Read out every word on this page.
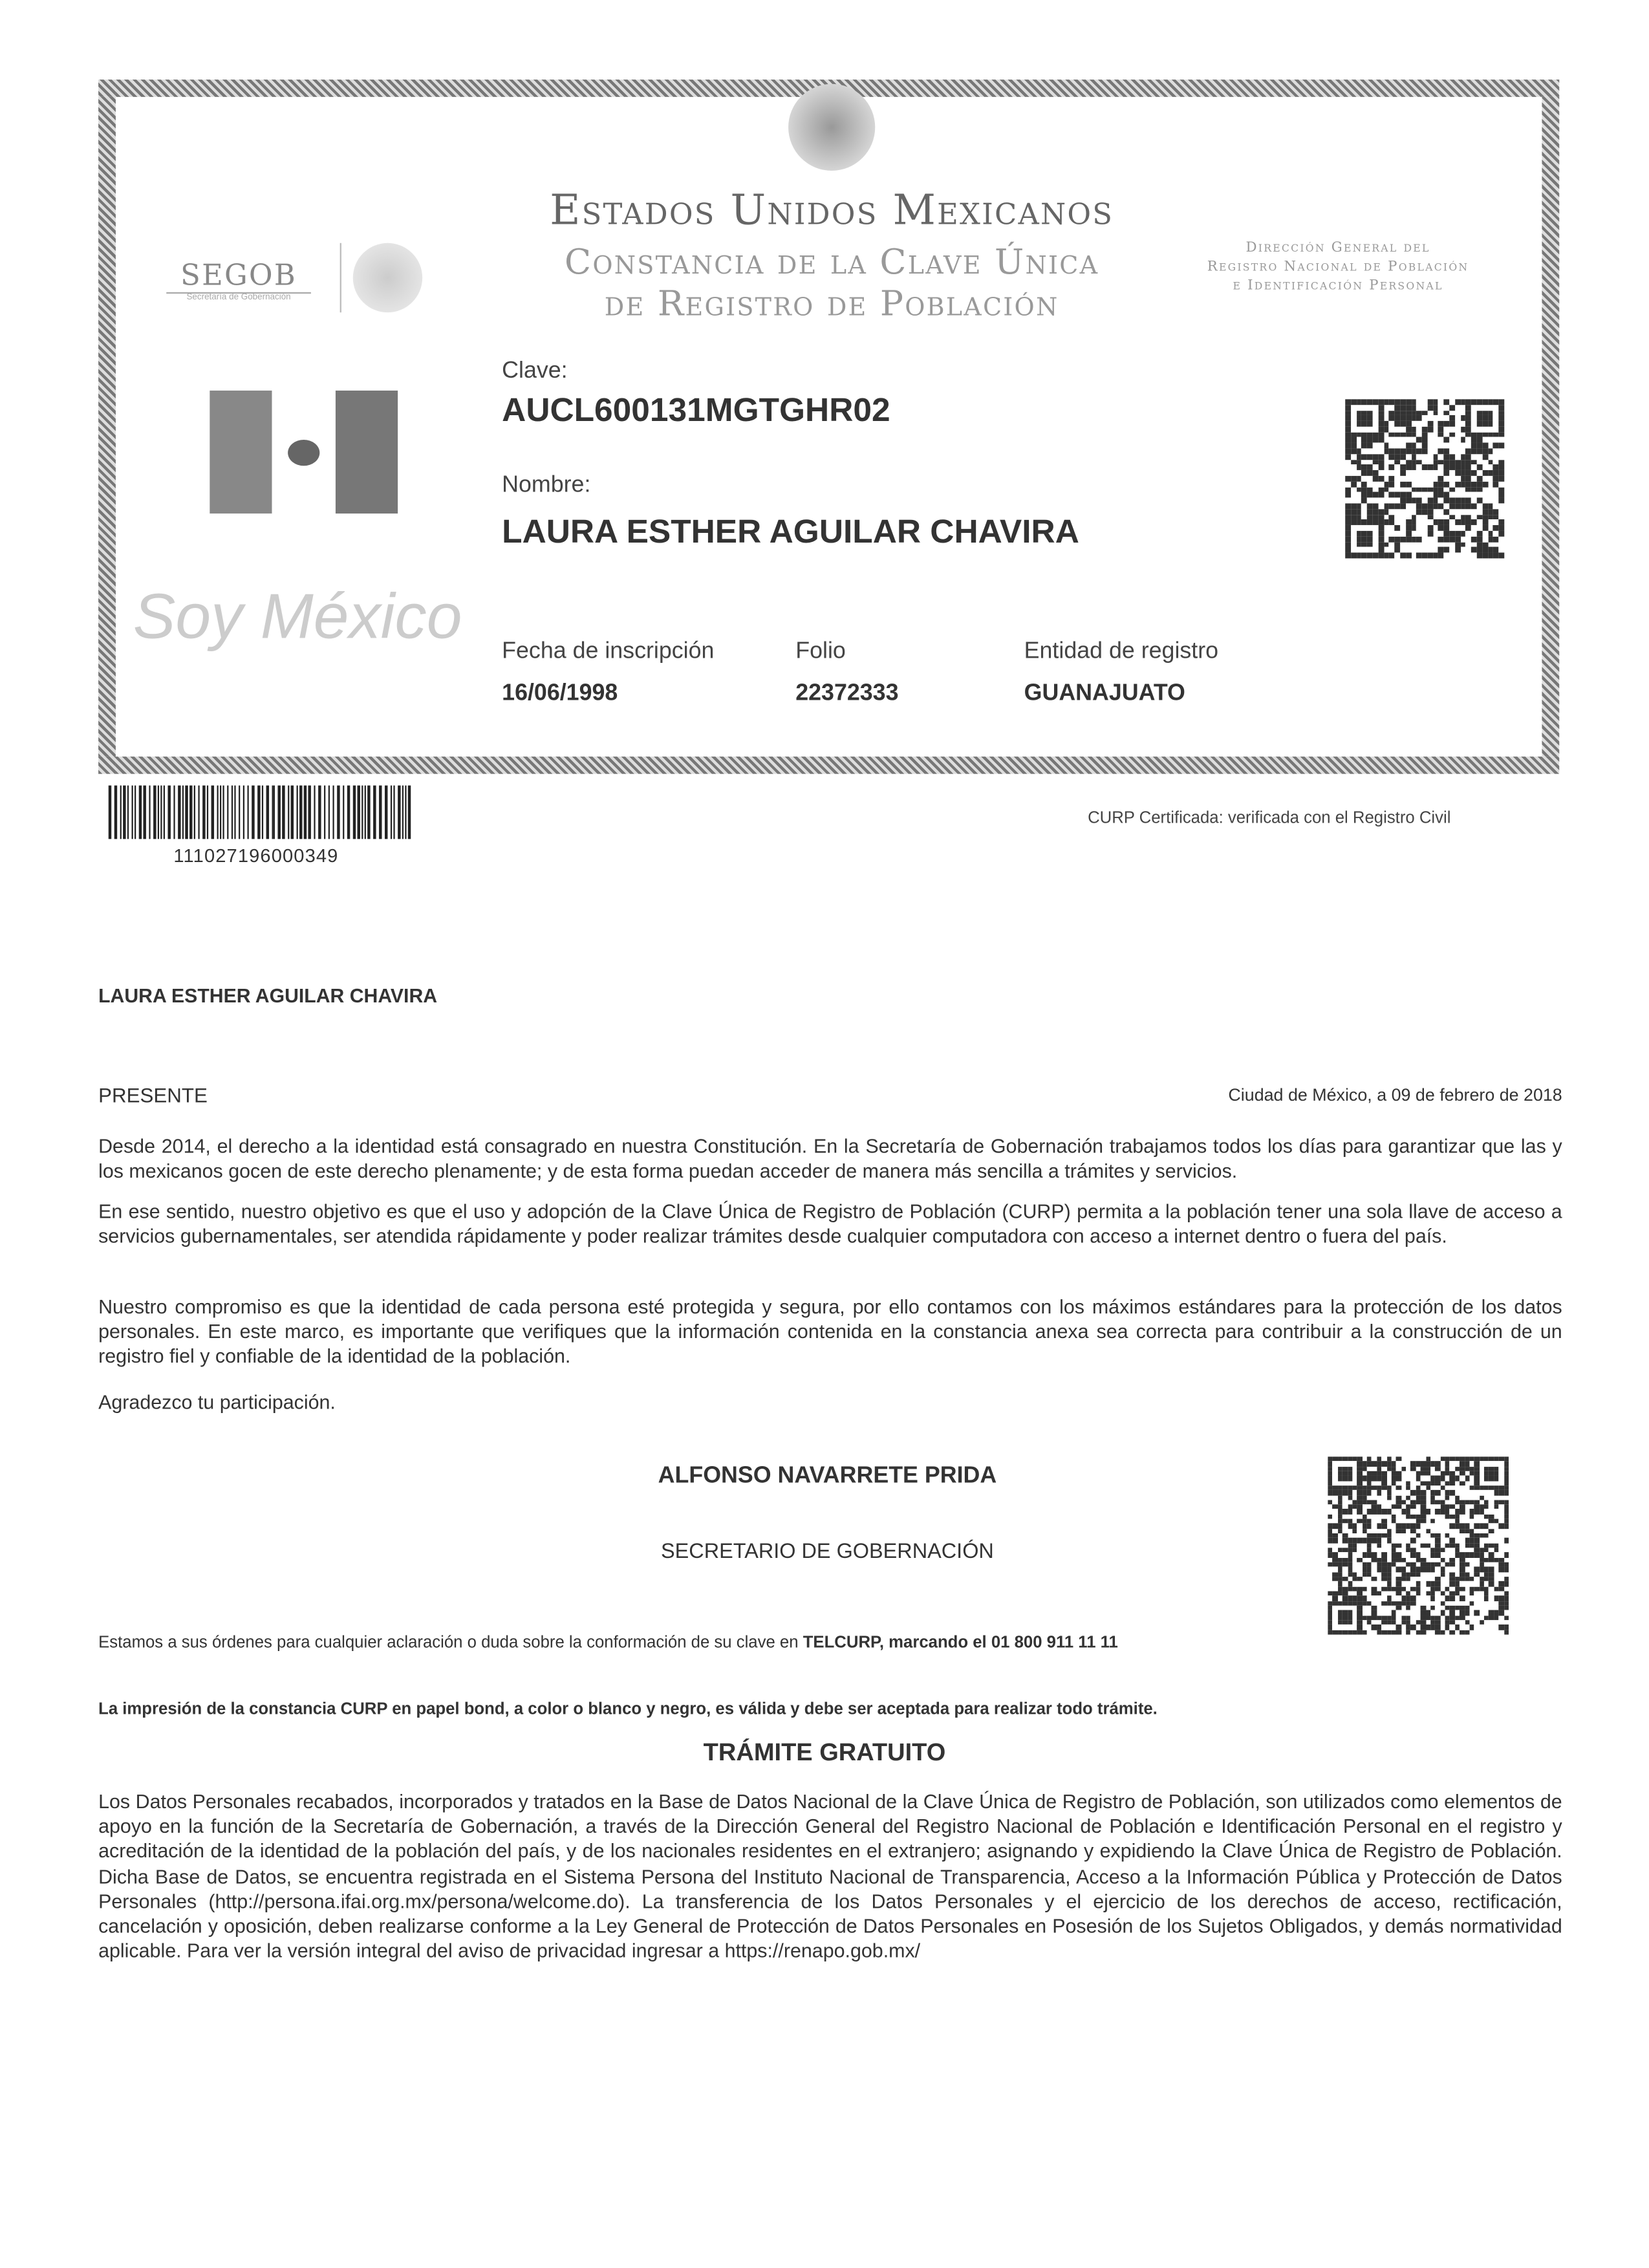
Estados Unidos Mexicanos
Constancia de la Clave Única
de Registro de Población
SEGOB
Secretaría de Gobernación
Dirección General del
Registro Nacional de Población
e Identificación Personal
Clave:
AUCL600131MGTGHR02
Nombre:
LAURA ESTHER AGUILAR CHAVIRA
Soy México	Fecha de inscripción
16/06/1998
Folio
22372333
Entidad de registro
GUANAJUATO
111027196000349
CURP Certificada: verificada con el Registro Civil
LAURA ESTHER AGUILAR CHAVIRA
PRESENTE	Ciudad de México, a 09 de febrero de 2018

Desde 2014, el derecho a la identidad está consagrado en nuestra Constitución. En la Secretaría de Gobernación trabajamos todos los días para garantizar que las y los mexicanos gocen de este derecho plenamente; y de esta forma puedan acceder de manera más sencilla a trámites y servicios.

En ese sentido, nuestro objetivo es que el uso y adopción de la Clave Única de Registro de Población (CURP) permita a la población tener una sola llave de acceso a servicios gubernamentales, ser atendida rápidamente y poder realizar trámites desde cualquier computadora con acceso a internet dentro o fuera del país.

Nuestro compromiso es que la identidad de cada persona esté protegida y segura, por ello contamos con los máximos estándares para la protección de los datos personales. En este marco, es importante que verifiques que la información contenida en la constancia anexa sea correcta para contribuir a la construcción de un registro fiel y confiable de la identidad de la población.

Agradezco tu participación.
ALFONSO NAVARRETE PRIDA
SECRETARIO DE GOBERNACIÓN
Estamos a sus órdenes para cualquier aclaración o duda sobre la conformación de su clave en TELCURP, marcando el 01 800 911 11 11
La impresión de la constancia CURP en papel bond, a color o blanco y negro, es válida y debe ser aceptada para realizar todo trámite.
TRÁMITE GRATUITO

Los Datos Personales recabados, incorporados y tratados en la Base de Datos Nacional de la Clave Única de Registro de Población, son utilizados como elementos de apoyo en la función de la Secretaría de Gobernación, a través de la Dirección General del Registro Nacional de Población e Identificación Personal en el registro y acreditación de la identidad de la población del país, y de los nacionales residentes en el extranjero; asignando y expidiendo la Clave Única de Registro de Población. Dicha Base de Datos, se encuentra registrada en el Sistema Persona del Instituto Nacional de Transparencia, Acceso a la Información Pública y Protección de Datos Personales (http://persona.ifai.org.mx/persona/welcome.do). La transferencia de los Datos Personales y el ejercicio de los derechos de acceso, rectificación, cancelación y oposición, deben realizarse conforme a la Ley General de Protección de Datos Personales en Posesión de los Sujetos Obligados, y demás normatividad aplicable. Para ver la versión integral del aviso de privacidad ingresar a https://renapo.gob.mx/
